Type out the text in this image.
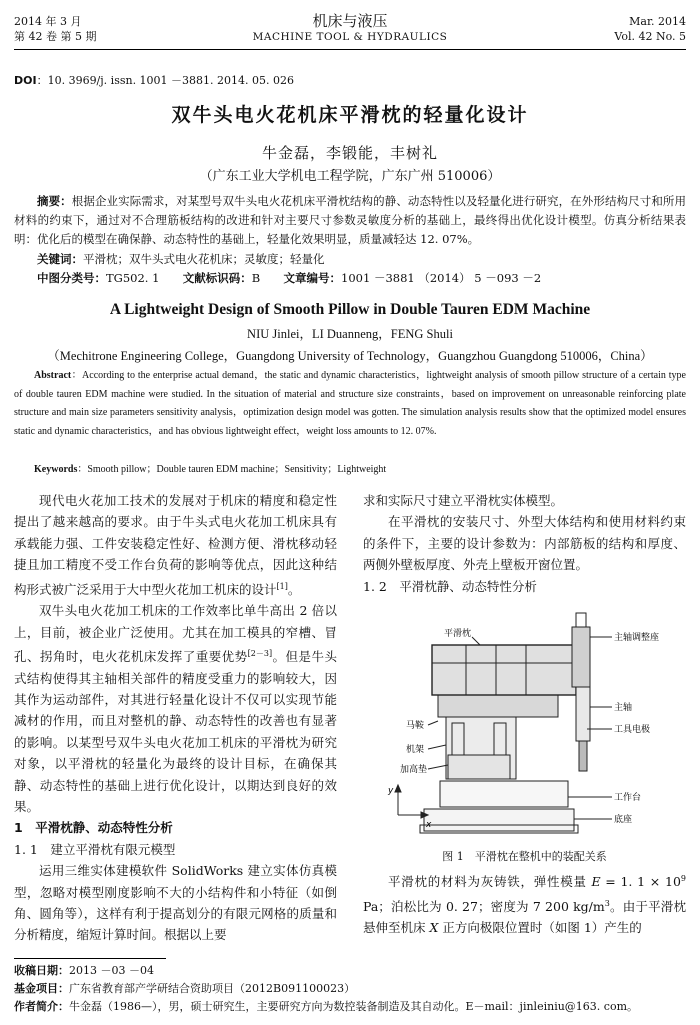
2014 年 3 月
第 42 卷 第 5 期
机床与液压
MACHINE TOOL & HYDRAULICS
Mar. 2014
Vol. 42 No. 5
DOI：10. 3969/j. issn. 1001 －3881. 2014. 05. 026
双牛头电火花机床平滑枕的轻量化设计
牛金磊，李锻能，丰树礼
（广东工业大学机电工程学院，广东广州 510006）
摘要：根据企业实际需求，对某型号双牛头电火花机床平滑枕结构的静、动态特性以及轻量化进行研究，在外形结构尺寸和所用材料的约束下，通过对不合理筋板结构的改进和针对主要尺寸参数灵敏度分析的基础上，最终得出优化设计模型。仿真分析结果表明：优化后的模型在确保静、动态特性的基础上，轻量化效果明显，质量减轻达 12. 07%。
关键词：平滑枕；双牛头式电火花机床；灵敏度；轻量化
中图分类号：TG502. 1 文献标识码：B 文章编号：1001 －3881 （2014） 5 －093 －2
A Lightweight Design of Smooth Pillow in Double Tauren EDM Machine
NIU Jinlei，LI Duanneng，FENG Shuli
（Mechitrone Engineering College，Guangdong University of Technology，Guangzhou Guangdong 510006，China）
Abstract：According to the enterprise actual demand，the static and dynamic characteristics，lightweight analysis of smooth pillow structure of a certain type of double tauren EDM machine were studied. In the situation of material and structure size constraints，based on improvement on unreasonable reinforcing plate structure and main size parameters sensitivity analysis，optimization design model was gotten. The simulation analysis results show that the optimized model ensures static and dynamic characteristics，and has obvious lightweight effect，weight loss amounts to 12. 07%.
Keywords：Smooth pillow；Double tauren EDM machine；Sensitivity；Lightweight

现代电火花加工技术的发展对于机床的精度和稳定性提出了越来越高的要求。由于牛头式电火花加工机床具有承载能力强、工件安装稳定性好、检测方便、滑枕移动轻捷且加工精度不受工作台负荷的影响等优点，因此这种结构形式被广泛采用于大中型火花加工机床的设计[1]。

双牛头电火花加工机床的工作效率比单牛高出 2 倍以上，目前，被企业广泛使用。尤其在加工模具的窄槽、冒孔、拐角时，电火花机床发挥了重要优势[2－3]。但是牛头式结构使得其主轴相关部件的精度受重力的影响较大，因其作为运动部件，对其进行轻量化设计不仅可以实现节能减材的作用，而且对整机的静、动态特性的改善也有显著的影响。以某型号双牛头电火花加工机床的平滑枕为研究对象，以平滑枕的轻量化为最终的设计目标，在确保其静、动态特性的基础上进行优化设计，以期达到良好的效果。

1　平滑枕静、动态特性分析
1. 1　建立平滑枕有限元模型

运用三维实体建模软件 SolidWorks 建立实体仿真模型，忽略对模型刚度影响不大的小结构件和小特征（如倒角、圆角等），这样有利于提高划分的有限元网格的质量和分析精度，缩短计算时间。根据以上要

求和实际尺寸建立平滑枕实体模型。

在平滑枕的安装尺寸、外型大体结构和使用材料约束的条件下，主要的设计参数为：内部筋板的结构和厚度、两侧外壁板厚度、外壳上壁板开窗位置。

1. 2　平滑枕静、动态特性分析
主轴调整座
平滑枕
主轴
马鞍	工具电极
机架
加高垫
工作台
底座
y
x
图 1　平滑枕在整机中的装配关系

平滑枕的材料为灰铸铁，弹性模量 E = 1. $1 \times 10^9$ Pa；泊松比为 0. 27；密度为 7 200 $kg/m^3$。由于平滑枕悬伸至机床 X 正方向极限位置时（如图 1）产生的

收稿日期：2013 －03 －04
基金项目：广东省教育部产学研结合资助项目（2012B091100023）
作者简介：牛金磊（1986—），男，硕士研究生，主要研究方向为数控装备制造及其自动化。E－mail：jinleiniu@163. com。
